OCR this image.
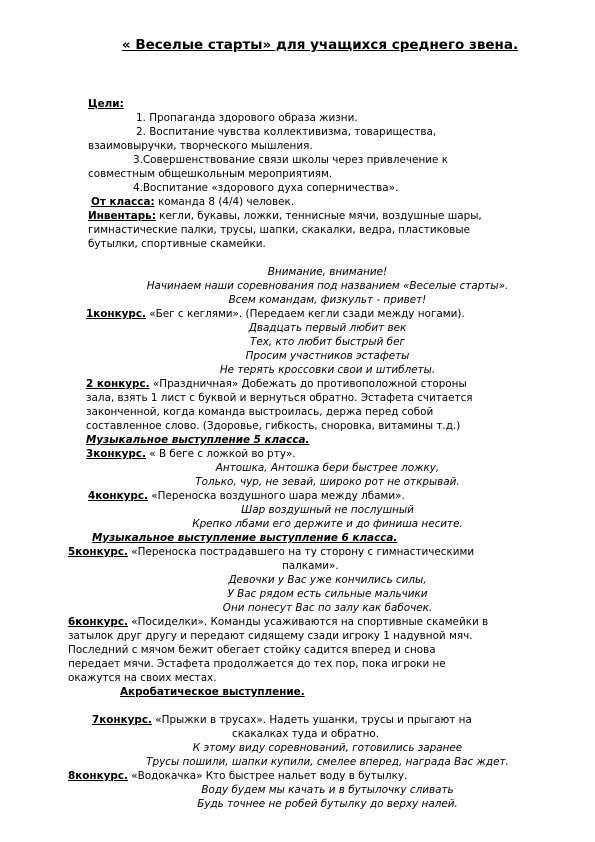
« Веселые старты» для учащихся среднего звена.
Цели:
1. Пропаганда здорового образа жизни.
2. Воспитание чувства коллективизма, товарищества,
взаимовыручки, творческого мышления.
3.Совершенствование связи школы через привлечение к
совместным общешкольным мероприятиям.
4.Воспитание «здорового духа соперничества».
От класса: команда 8 (4/4) человек.
Инвентарь: кегли, букавы, ложки, теннисные мячи, воздушные шары,
гимнастические палки, трусы, шапки, скакалки, ведра, пластиковые
бутылки, спортивные скамейки.
Внимание, внимание!
Начинаем наши соревнования под названием «Веселые старты».
Всем командам, физкульт - привет!
1конкурс. «Бег с кеглями». (Передаем кегли сзади между ногами).
Двадцать первый любит век
Тех, кто любит быстрый бег
Просим участников эстафеты
Не терять кроссовки свои и штиблеты.
2 конкурс. «Праздничная» Добежать до противоположной стороны
зала, взять 1 лист с буквой и вернуться обратно. Эстафета считается
законченной, когда команда выстроилась, держа перед собой
составленное слово. (Здоровье, гибкость, сноровка, витамины т.д.)
Музыкальное выступление 5 класса.
3конкурс. « В беге с ложкой во рту».
Антошка, Антошка бери быстрее ложку,
Только, чур, не зевай, широко рот не открывай.
4конкурс. «Переноска воздушного шара между лбами».
Шар воздушный не послушный
Крепко лбами его держите и до финиша несите.
Музыкальное выступление выступление 6 класса.
5конкурс. «Переноска пострадавшего на ту сторону с гимнастическими
палками».
Девочки у Вас уже кончились силы,
У Вас рядом есть сильные мальчики
Они понесут Вас по залу как бабочек.
6конкурс. «Посиделки». Команды усаживаются на спортивные скамейки в
затылок друг другу и передают сидящему сзади игроку 1 надувной мяч.
Последний с мячом бежит обегает стойку садится вперед и снова
передает мячи. Эстафета продолжается до тех пор, пока игроки не
окажутся на своих местах.
Акробатическое выступление.
7конкурс. «Прыжки в трусах». Надеть ушанки, трусы и прыгают на
скакалках туда и обратно.
К этому виду соревнований, готовились заранее
Трусы пошили, шапки купили, смелее вперед, награда Вас ждет.
8конкурс. «Водокачка» Кто быстрее нальет воду в бутылку.
Воду будем мы качать и в бутылочку сливать
Будь точнее не робей бутылку до верху налей.
